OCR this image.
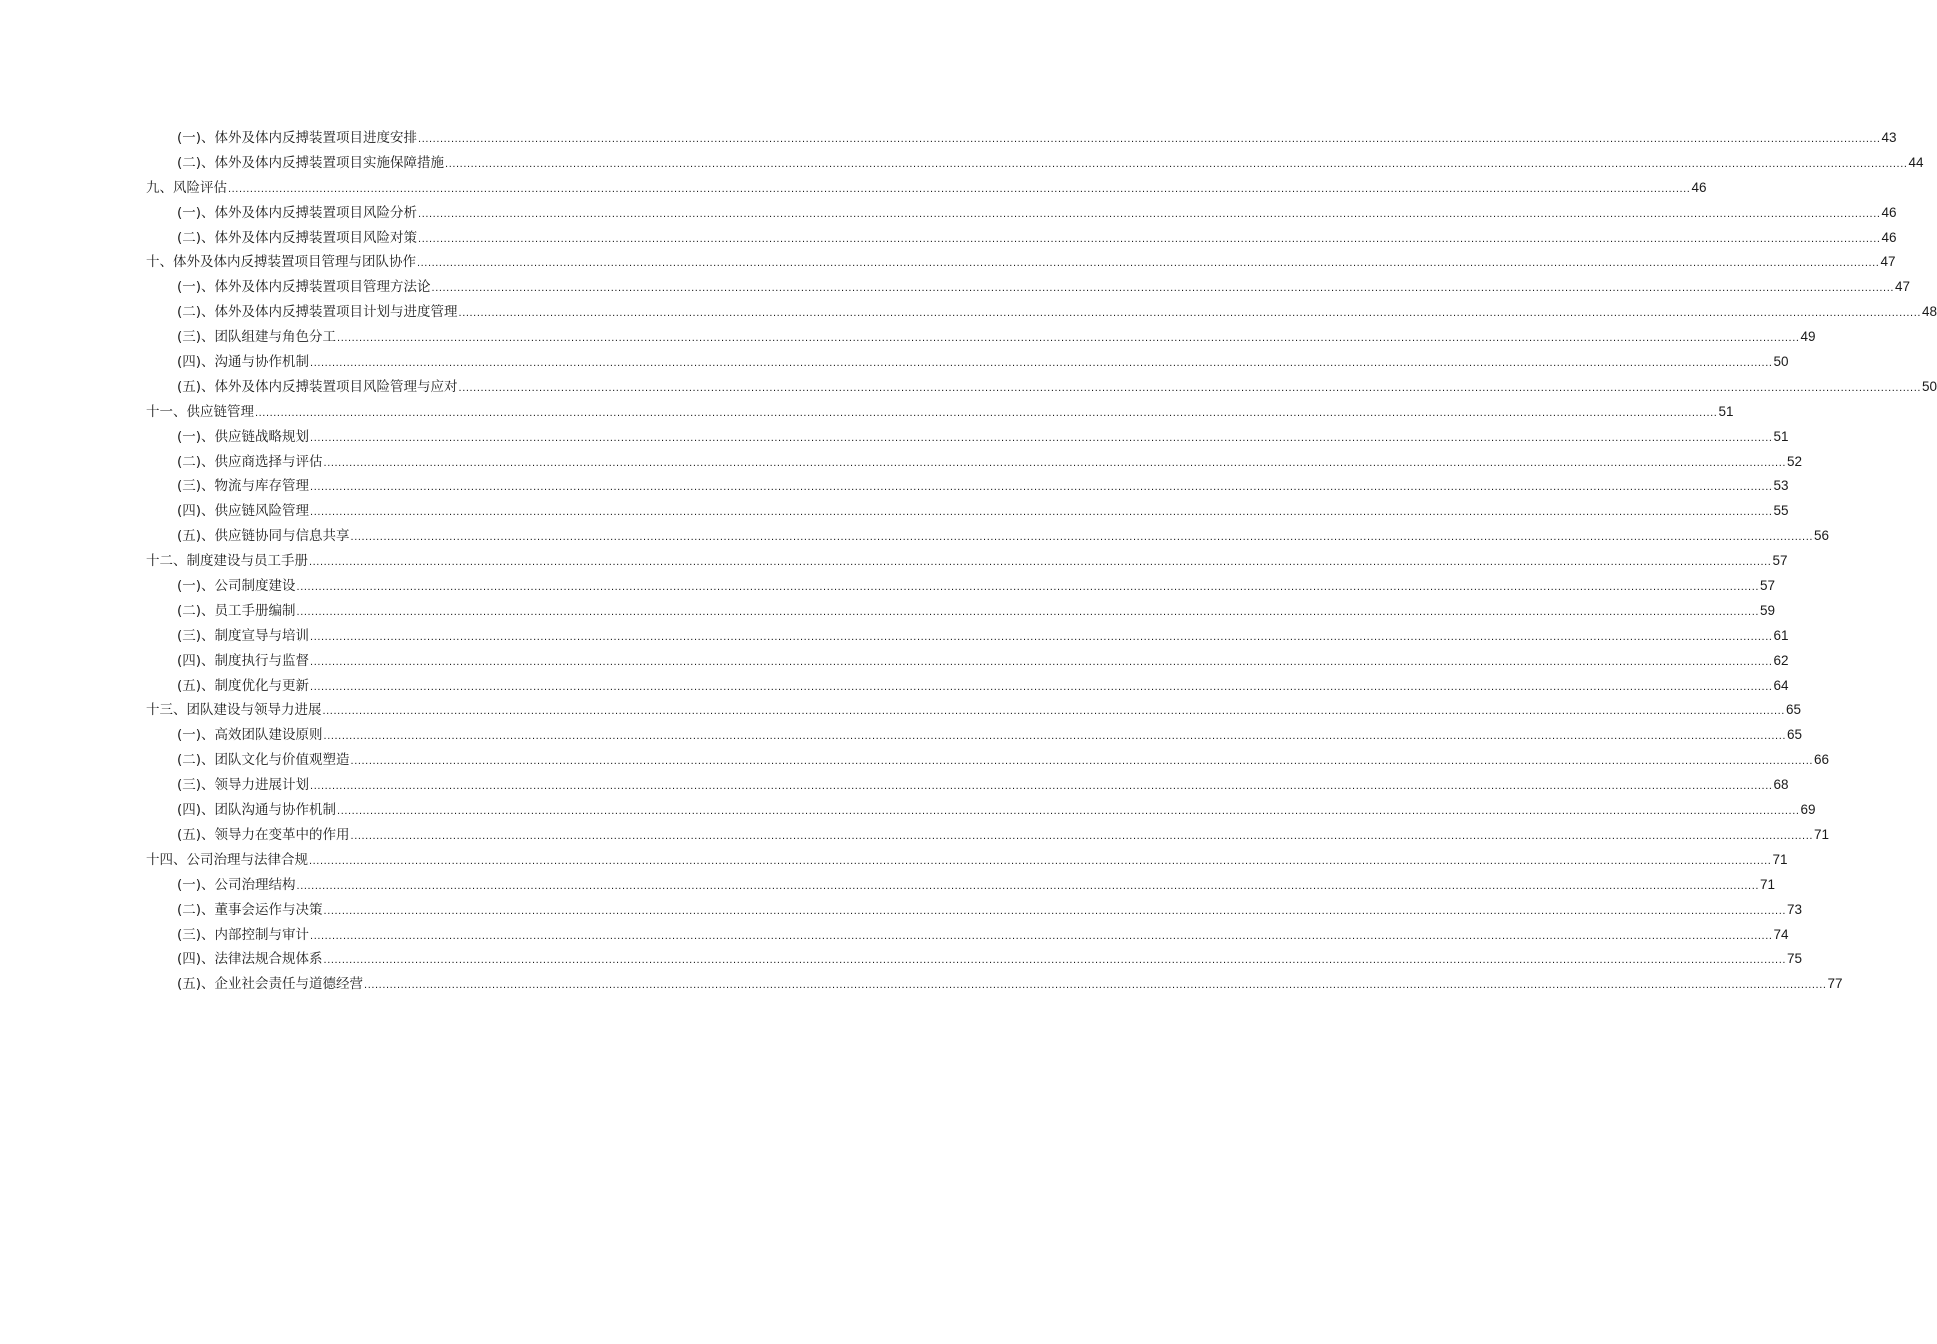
(一)、体外及体内反搏装置项目进度安排 ................................................................................................................................................................................................................................................................................................................................................................................................................ 43
(二)、体外及体内反搏装置项目实施保障措施 ................................................................................................................................................................................................................................................................................................................................................................................................................ 44
九、风险评估 ................................................................................................................................................................................................................................................................................................................................................................................................................ 46
(一)、体外及体内反搏装置项目风险分析 ................................................................................................................................................................................................................................................................................................................................................................................................................ 46
(二)、体外及体内反搏装置项目风险对策 ................................................................................................................................................................................................................................................................................................................................................................................................................ 46
十、体外及体内反搏装置项目管理与团队协作 ................................................................................................................................................................................................................................................................................................................................................................................................................ 47
(一)、体外及体内反搏装置项目管理方法论 ................................................................................................................................................................................................................................................................................................................................................................................................................ 47
(二)、体外及体内反搏装置项目计划与进度管理 ................................................................................................................................................................................................................................................................................................................................................................................................................ 48
(三)、团队组建与角色分工 ................................................................................................................................................................................................................................................................................................................................................................................................................ 49
(四)、沟通与协作机制 ................................................................................................................................................................................................................................................................................................................................................................................................................ 50
(五)、体外及体内反搏装置项目风险管理与应对 ................................................................................................................................................................................................................................................................................................................................................................................................................ 50
十一、供应链管理 ................................................................................................................................................................................................................................................................................................................................................................................................................ 51
(一)、供应链战略规划 ................................................................................................................................................................................................................................................................................................................................................................................................................ 51
(二)、供应商选择与评估 ................................................................................................................................................................................................................................................................................................................................................................................................................ 52
(三)、物流与库存管理 ................................................................................................................................................................................................................................................................................................................................................................................................................ 53
(四)、供应链风险管理 ................................................................................................................................................................................................................................................................................................................................................................................................................ 55
(五)、供应链协同与信息共享 ................................................................................................................................................................................................................................................................................................................................................................................................................ 56
十二、制度建设与员工手册 ................................................................................................................................................................................................................................................................................................................................................................................................................ 57
(一)、公司制度建设 ................................................................................................................................................................................................................................................................................................................................................................................................................ 57
(二)、员工手册编制 ................................................................................................................................................................................................................................................................................................................................................................................................................ 59
(三)、制度宣导与培训 ................................................................................................................................................................................................................................................................................................................................................................................................................ 61
(四)、制度执行与监督 ................................................................................................................................................................................................................................................................................................................................................................................................................ 62
(五)、制度优化与更新 ................................................................................................................................................................................................................................................................................................................................................................................................................ 64
十三、团队建设与领导力进展 ................................................................................................................................................................................................................................................................................................................................................................................................................ 65
(一)、高效团队建设原则 ................................................................................................................................................................................................................................................................................................................................................................................................................ 65
(二)、团队文化与价值观塑造 ................................................................................................................................................................................................................................................................................................................................................................................................................ 66
(三)、领导力进展计划 ................................................................................................................................................................................................................................................................................................................................................................................................................ 68
(四)、团队沟通与协作机制 ................................................................................................................................................................................................................................................................................................................................................................................................................ 69
(五)、领导力在变革中的作用 ................................................................................................................................................................................................................................................................................................................................................................................................................ 71
十四、公司治理与法律合规 ................................................................................................................................................................................................................................................................................................................................................................................................................ 71
(一)、公司治理结构 ................................................................................................................................................................................................................................................................................................................................................................................................................ 71
(二)、董事会运作与决策 ................................................................................................................................................................................................................................................................................................................................................................................................................ 73
(三)、内部控制与审计 ................................................................................................................................................................................................................................................................................................................................................................................................................ 74
(四)、法律法规合规体系 ................................................................................................................................................................................................................................................................................................................................................................................................................ 75
(五)、企业社会责任与道德经营 ................................................................................................................................................................................................................................................................................................................................................................................................................ 77
